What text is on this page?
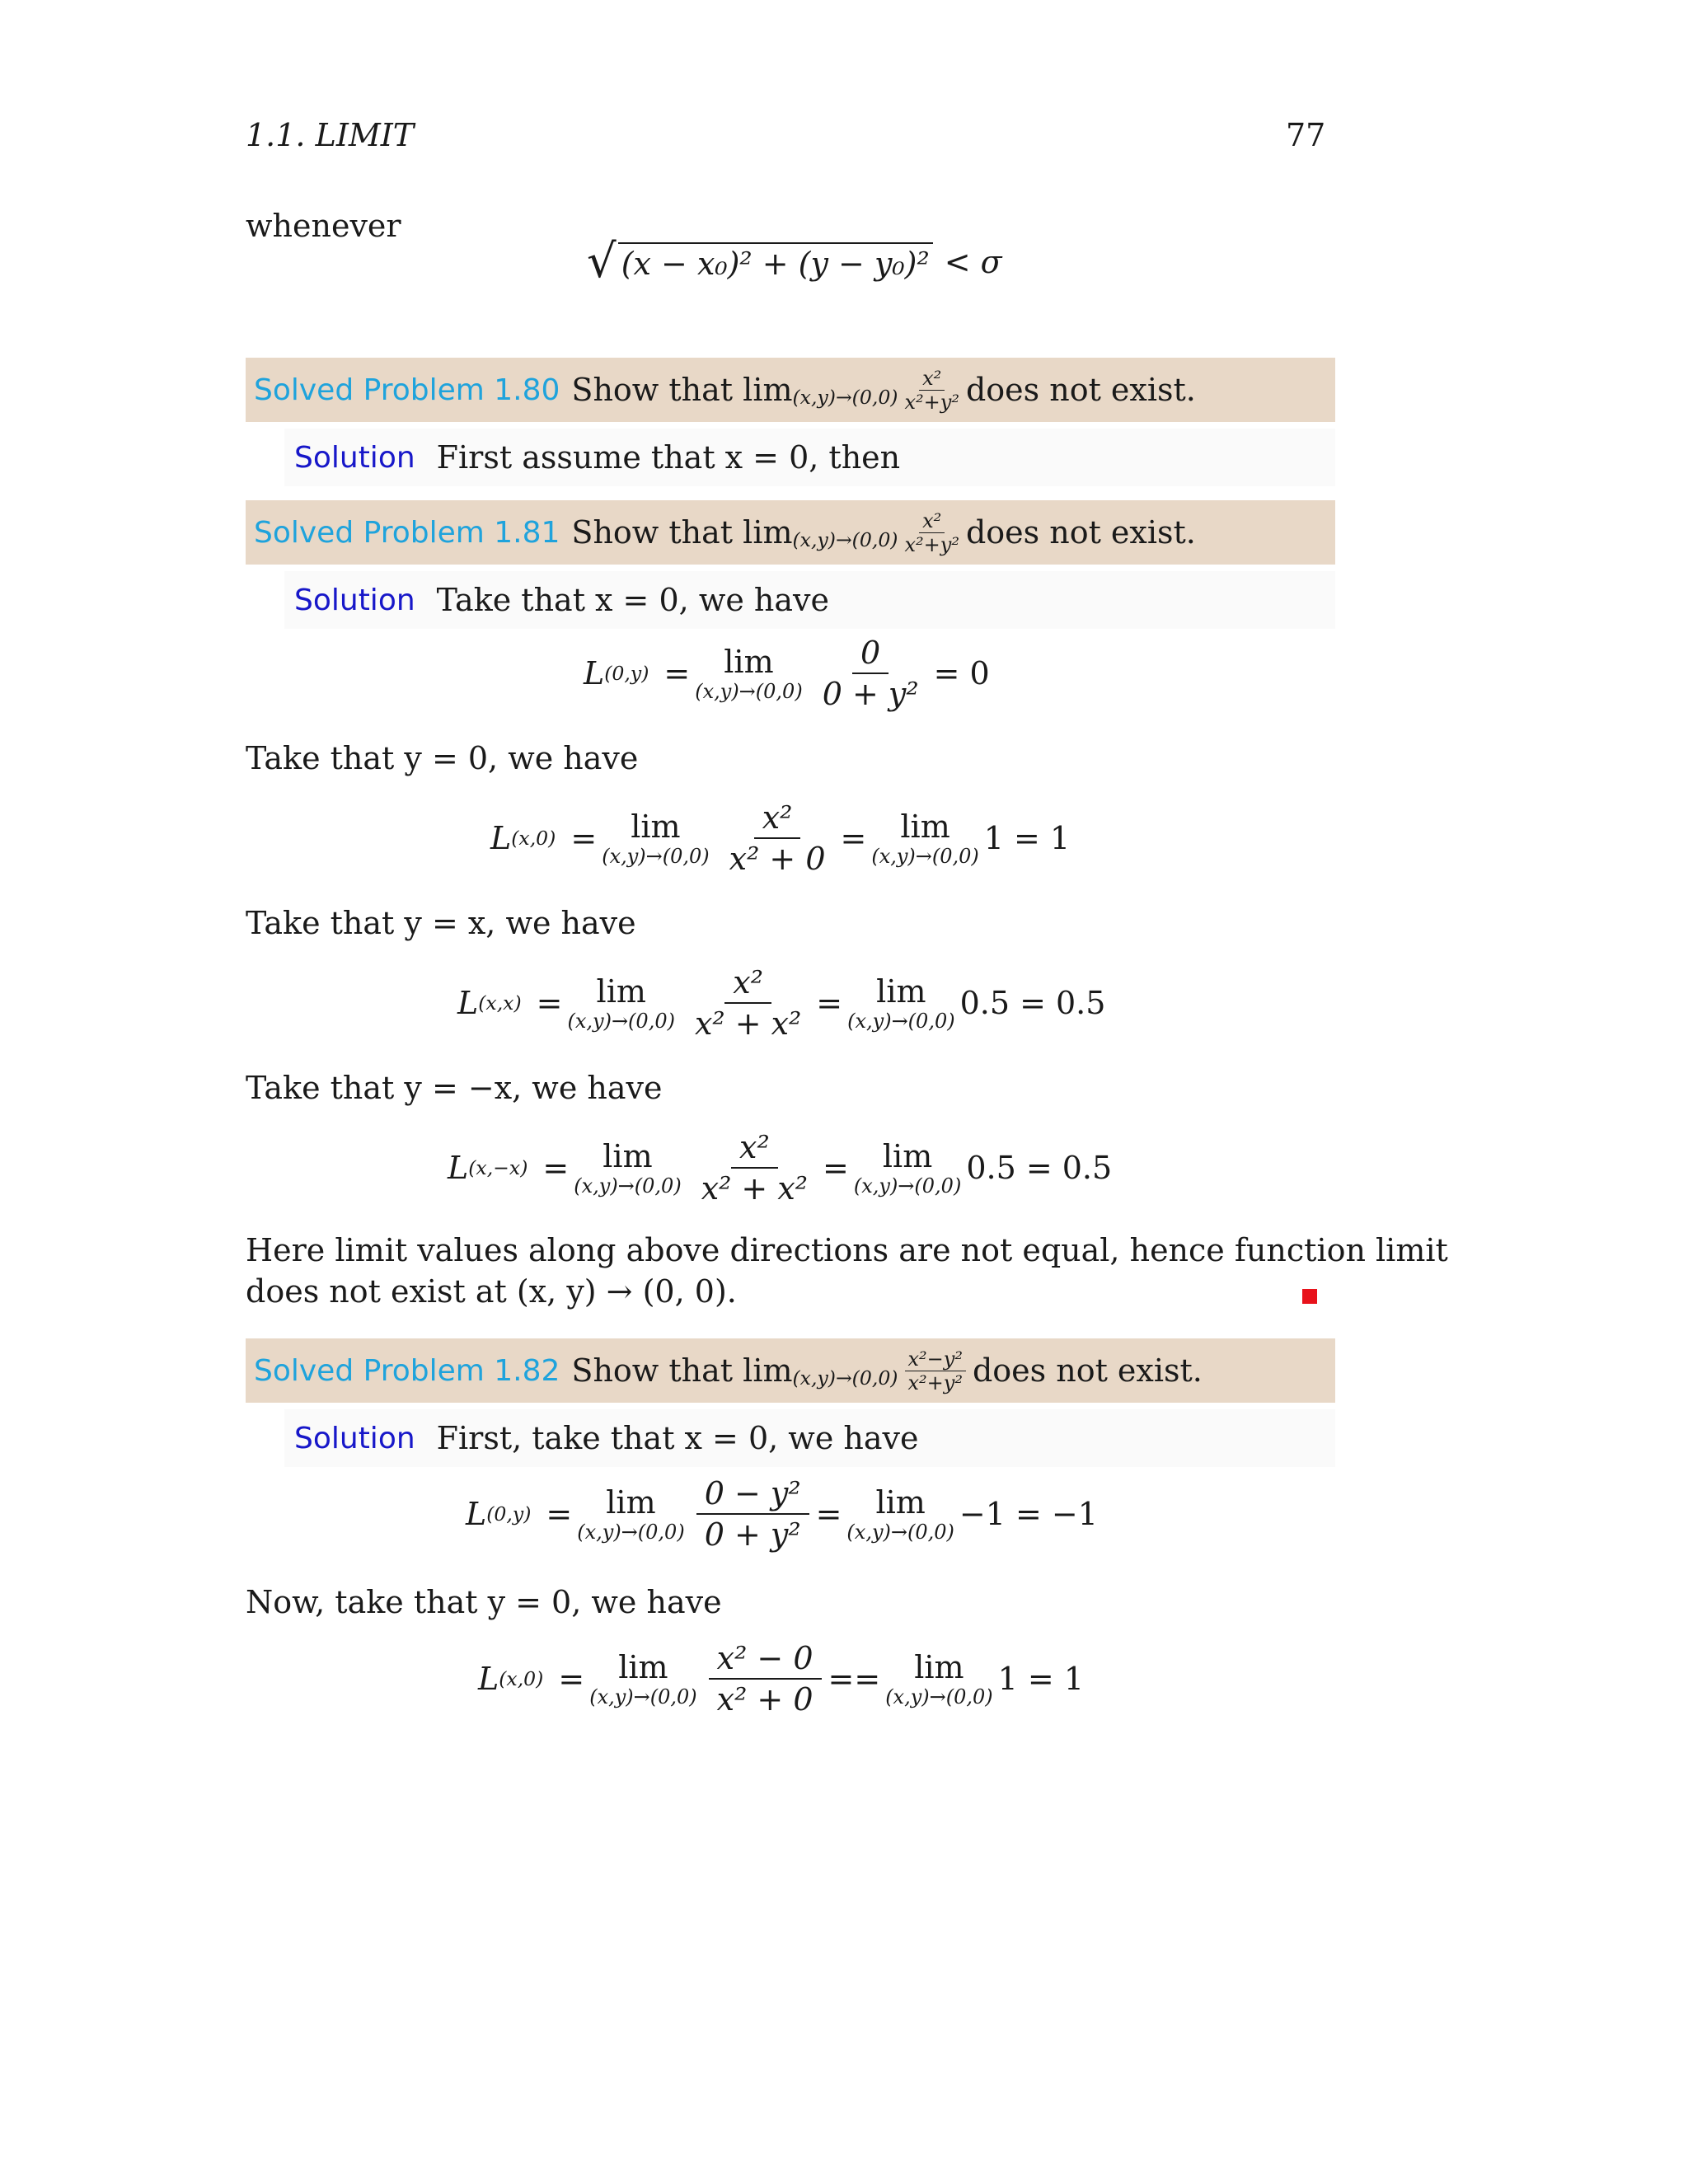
1.1. LIMIT	77
whenever
√ (x − x₀)² + (y − y₀)² < σ
Solved Problem 1.80 Show that $\lim_{(x,y)\to(0,0)} \frac{\text{x²}}{\text{x²+y²}}$ does not exist.
Solution First assume that x = 0, then
Solved Problem 1.81 Show that $\lim_{(x,y)\to(0,0)} \frac{\text{x²}}{\text{x²+y²}}$ does not exist.
Solution Take that x = 0, we have
L (0,y) = lim
$(x,y)\to(0,0) \frac{0}{\text{0 + y²}} = 0$
Take that y = 0, we have
L (x,0) = lim
$(x,y)\to(0,0) \frac{\text{x²}}{\text{x² + 0}} = \lim$
(x,y)→(0,0) 1 = 1
Take that y = x, we have
L (x,x) = lim
$(x,y)\to(0,0) \frac{\text{x²}}{\text{x² + x²}} = \lim$
(x,y)→(0,0) 0.5 = 0.5
Take that y = −x, we have
L (x,−x) = lim
$(x,y)\to(0,0) \frac{\text{x²}}{\text{x² + x²}} = \lim$
(x,y)→(0,0) 0.5 = 0.5
Here limit values along above directions are not equal, hence function limit
does not exist at (x, y) → (0, 0).
Solved Problem 1.82 Show that $\lim_{(x,y)\to(0,0)} \frac{\text{x²−y²}}{\text{x²+y²}}$ does not exist.
Solution First, take that x = 0, we have
L (0,y) = lim
$(x,y)\to(0,0) \frac{\text{0 − y²}}{\text{0 + y²}} = \lim$
(x,y)→(0,0) −1 = −1
Now, take that y = 0, we have
L (x,0) = lim
$(x,y)\to(0,0) \frac{\text{x² − 0}}{\text{x² + 0}} == \lim$
(x,y)→(0,0) 1 = 1
